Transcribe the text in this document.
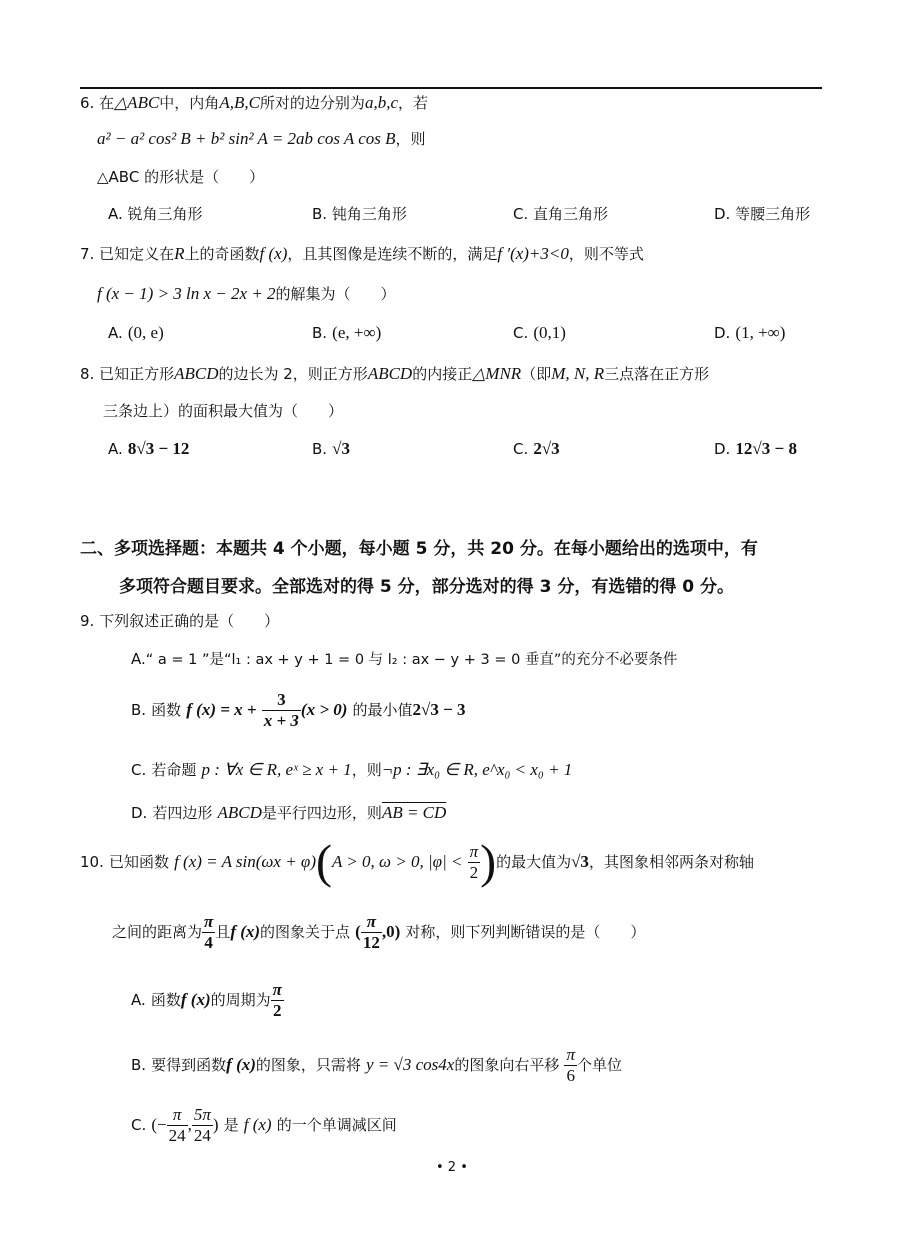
6. 在△ABC中，内角A,B,C所对的边分别为a,b,c，若
a² − a² cos² B + b² sin² A = 2ab cos A cos B，则
△ABC 的形状是（　　）
A. 锐角三角形	B. 钝角三角形	C. 直角三角形	D. 等腰三角形
7. 已知定义在R上的奇函数f (x)，且其图像是连续不断的，满足f ′(x)+3<0，则不等式
f (x − 1) > 3 ln x − 2x + 2的解集为（　　）
A. (0, e)	B. (e, +∞)	C. (0,1)	D. (1, +∞)
8. 已知正方形ABCD的边长为 2，则正方形ABCD的内接正△MNR（即M, N, R三点落在正方形
三条边上）的面积最大值为（　　）
A. 8√3 − 12	B. √3	C. 2√3	D. 12√3 − 8
二、多项选择题：本题共 4 个小题，每小题 5 分，共 20 分。在每小题给出的选项中，有
多项符合题目要求。全部选对的得 5 分，部分选对的得 3 分，有选错的得 0 分。
9. 下列叙述正确的是（　　）
A.“ a = 1 ”是“l₁ : ax + y + 1 = 0 与 l₂ : ax − y + 3 = 0 垂直”的充分不必要条件
B. 函数 f $(x) = x + \frac{3}{x + 3} (x > 0)$ 的最小值2√3 − 3
C. 若命题 p : ∀x ∈ R, eˣ ≥ x + 1，则¬p : ∃x₀ ∈ R, e^x₀ < x₀ + 1
D. 若四边形 ABCD是平行四边形，则AB = CD
10. 已知函数 f (x) = A sin(ωx + φ)(A > 0, ω > 0, $|\varphi| < \frac{\pi}{2}$ )的最大值为√3，其图象相邻两条对称轴
之间的距离为 $\frac{\pi}{4}$ 且f (x)的图象关于点 ( $\frac{\pi}{12} ,0$) 对称，则下列判断错误的是（　　）
A. 函数f (x)的周期为 $\frac{\pi}{2}$
B. 要得到函数f (x)的图象，只需将 y = √3 cos4x的图象向右平移 $\frac{\pi}{6}$ 个单位
C. (− $\frac{\pi}{24}$ , $\frac{5\pi}{24}$ ) 是 f (x) 的一个单调减区间
• 2 •
